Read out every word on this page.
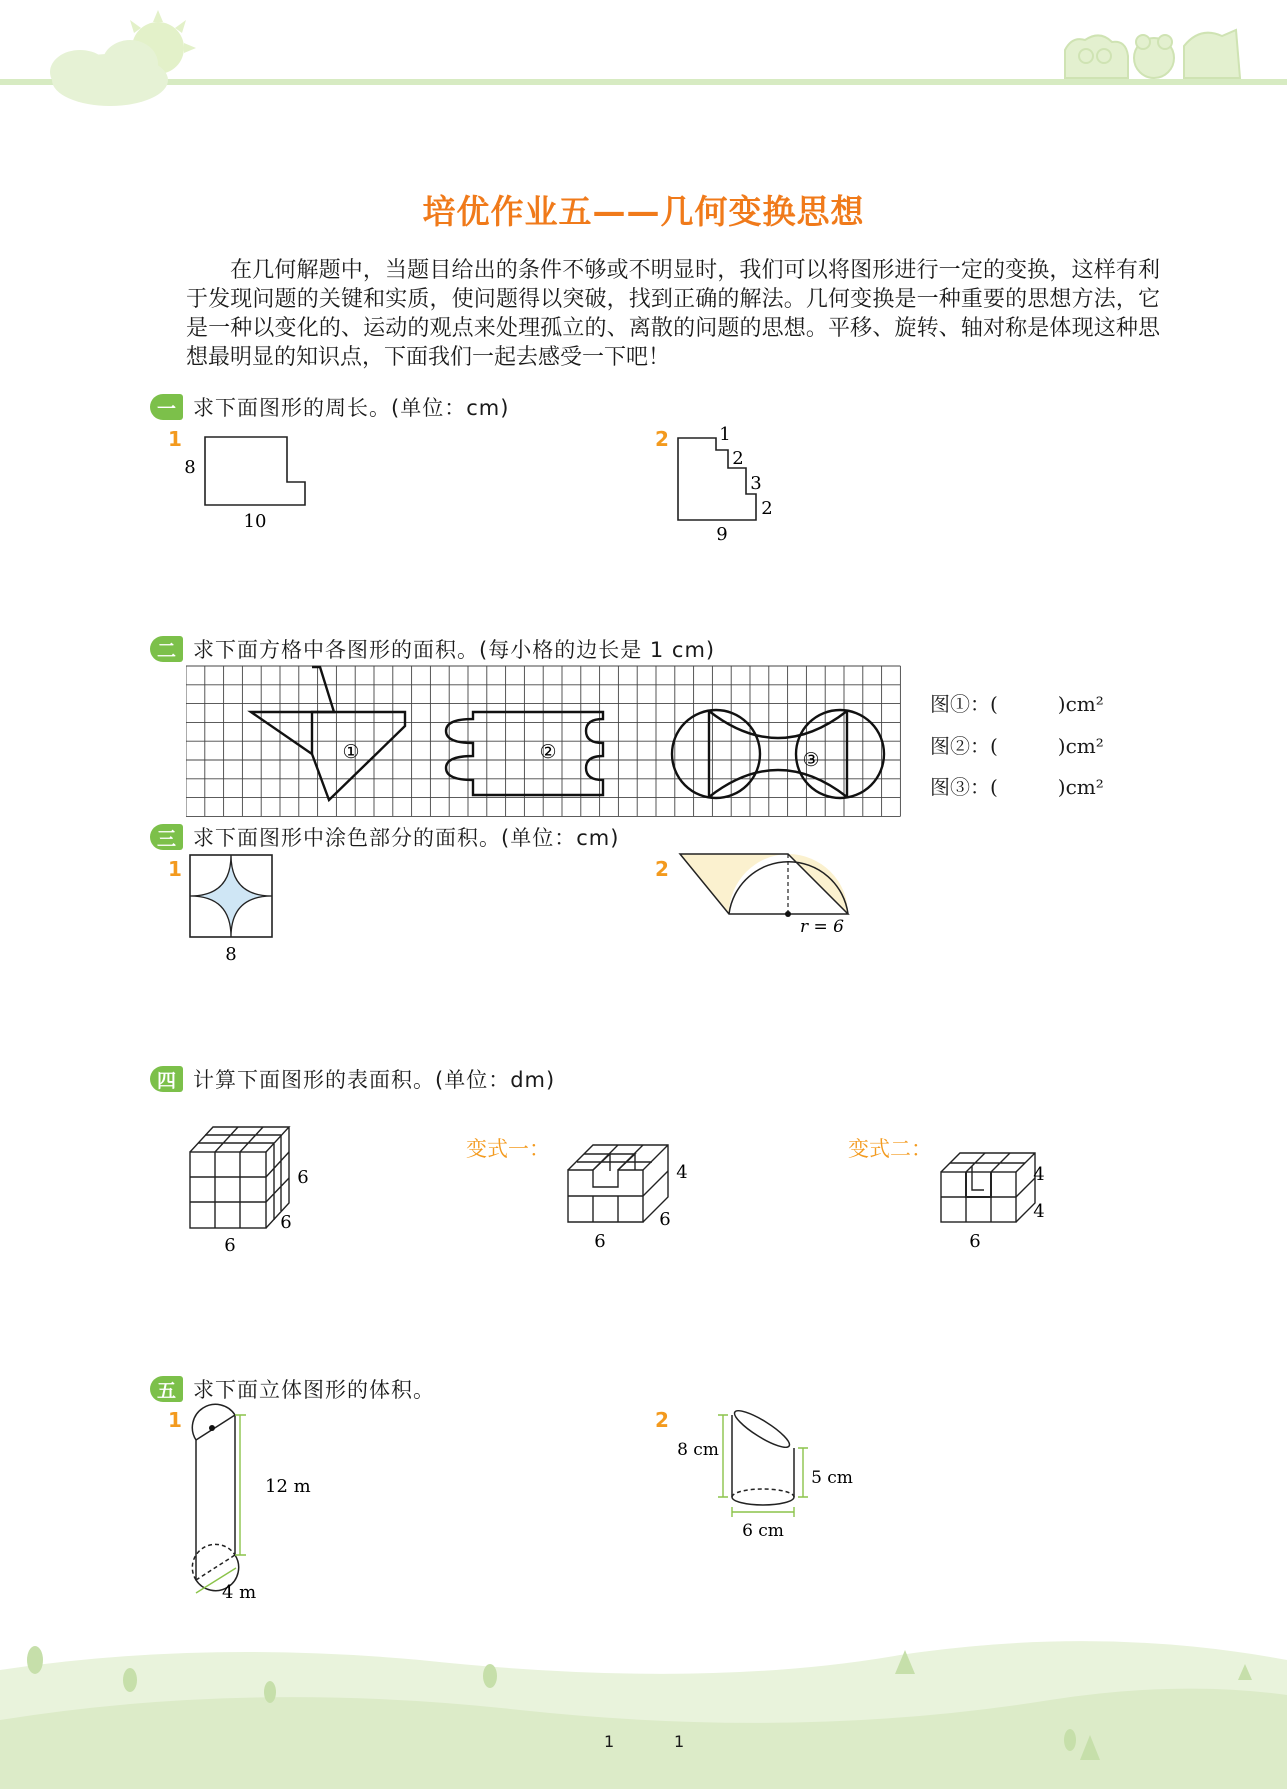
培优作业五——几何变换思想

在几何解题中，当题目给出的条件不够或不明显时，我们可以将图形进行一定的变换，这样有利于发现问题的关键和实质，使问题得以突破，找到正确的解法。几何变换是一种重要的思想方法，它是一种以变化的、运动的观点来处理孤立的、离散的问题的思想。平移、旋转、轴对称是体现这种思想最明显的知识点，下面我们一起去感受一下吧！

一 求下面图形的周长。(单位：cm)
1	2
8
10
1
2
3
2
9
二 求下面方格中各图形的面积。(每小格的边长是 1 cm)
①	②	③
图①：(　　　)cm²
图②：(　　　)cm²
图③：(　　　)cm²
三 求下面图形中涂色部分的面积。(单位：cm)
1	2
8
r = 6
四 计算下面图形的表面积。(单位：dm)
变式一：	变式二：
6
6
6
4
6
6
4
4
6
五 求下面立体图形的体积。
1	2
12 m
4 m
8 cm
5 cm
6 cm
1	1
